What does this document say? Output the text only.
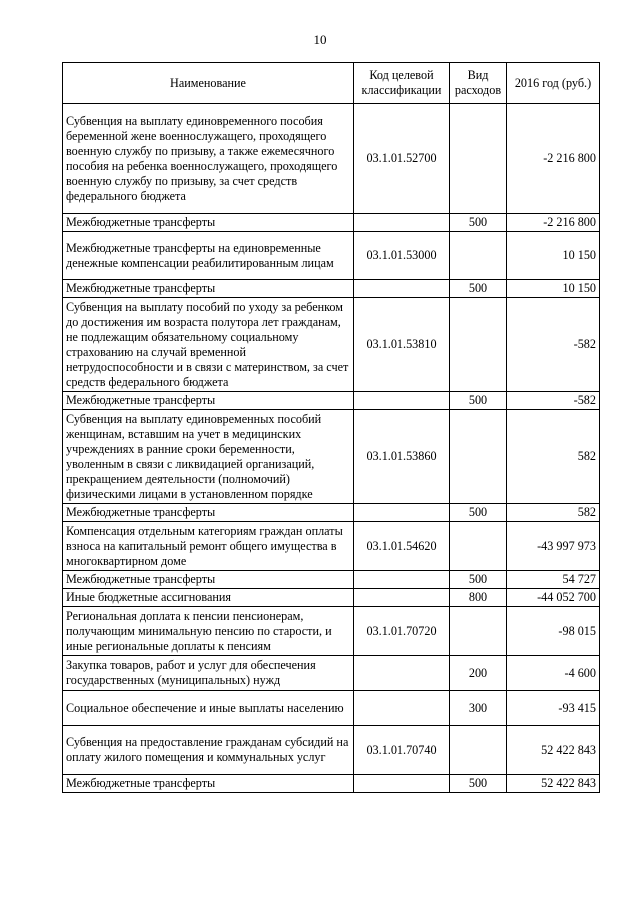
10
Наименование	Код целевой классификации	Вид расходов	2016 год (руб.)
Субвенция на выплату единовременного пособия беременной жене военнослужащего, проходящего военную службу по призыву, а также ежемесячного пособия на ребенка военнослужащего, проходящего военную службу по призыву, за счет средств федерального бюджета	03.1.01.52700		-2 216 800
Межбюджетные трансферты		500	-2 216 800
Межбюджетные трансферты на единовременные денежные компенсации реабилитированным лицам	03.1.01.53000		10 150
Межбюджетные трансферты		500	10 150
Субвенция на выплату пособий по уходу за ребенком до достижения им возраста полутора лет гражданам, не подлежащим обязательному социальному страхованию на случай временной нетрудоспособности и в связи с материнством, за счет средств федерального бюджета	03.1.01.53810		-582
Межбюджетные трансферты		500	-582
Субвенция на выплату единовременных пособий женщинам, вставшим на учет в медицинских учреждениях в ранние сроки беременности, уволенным в связи с ликвидацией организаций, прекращением деятельности (полномочий) физическими лицами в установленном порядке	03.1.01.53860		582
Межбюджетные трансферты		500	582
Компенсация отдельным категориям граждан оплаты взноса на капитальный ремонт общего имущества в многоквартирном доме	03.1.01.54620		-43 997 973
Межбюджетные трансферты		500	54 727
Иные бюджетные ассигнования		800	-44 052 700
Региональная доплата к пенсии пенсионерам, получающим минимальную пенсию по старости, и иные региональные доплаты к пенсиям	03.1.01.70720		-98 015
Закупка товаров, работ и услуг для обеспечения государственных (муниципальных) нужд		200	-4 600
Социальное обеспечение и иные выплаты населению		300	-93 415
Субвенция на предоставление гражданам субсидий на оплату жилого помещения и коммунальных услуг	03.1.01.70740		52 422 843
Межбюджетные трансферты		500	52 422 843
